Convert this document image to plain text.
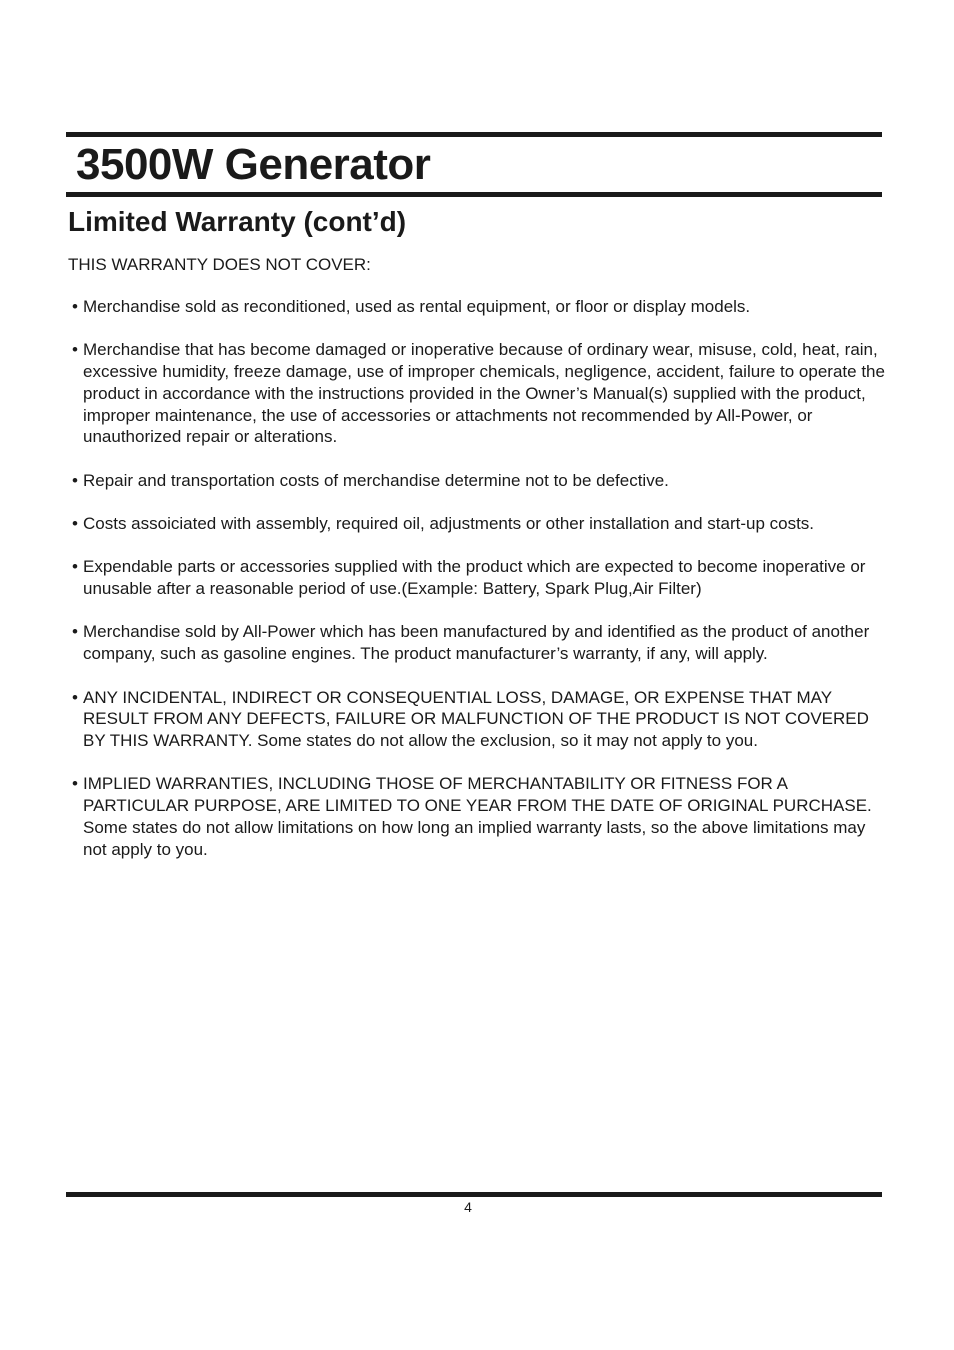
3500W Generator
Limited Warranty (cont’d)

THIS WARRANTY DOES NOT COVER:

• Merchandise sold as reconditioned, used as rental equipment, or floor or display models.
• Merchandise that has become damaged or inoperative because of ordinary wear, misuse, cold, heat, rain, excessive humidity, freeze damage, use of improper chemicals, negligence, accident, failure to operate the product in accordance with the instructions provided in the Owner’s Manual(s) supplied with the product, improper maintenance, the use of accessories or attachments not recommended by All-Power, or unauthorized repair or alterations.
• Repair and transportation costs of merchandise determine not to be defective.
• Costs assoiciated with assembly, required oil, adjustments or other installation and start-up costs.
• Expendable parts or accessories supplied with the product which are expected to become inoperative or unusable after a reasonable period of use.(Example: Battery, Spark Plug,Air Filter)
• Merchandise sold by All-Power which has been manufactured by and identified as the product of another company, such as gasoline engines. The product manufacturer’s warranty, if any, will apply.
• ANY INCIDENTAL, INDIRECT OR CONSEQUENTIAL LOSS, DAMAGE, OR EXPENSE THAT MAY RESULT FROM ANY DEFECTS, FAILURE OR MALFUNCTION OF THE PRODUCT IS NOT COVERED BY THIS WARRANTY. Some states do not allow the exclusion, so it may not apply to you.
• IMPLIED WARRANTIES, INCLUDING THOSE OF MERCHANTABILITY OR FITNESS FOR A PARTICULAR PURPOSE, ARE LIMITED TO ONE YEAR FROM THE DATE OF ORIGINAL PURCHASE. Some states do not allow limitations on how long an implied warranty lasts, so the above limitations may not apply to you.
4
